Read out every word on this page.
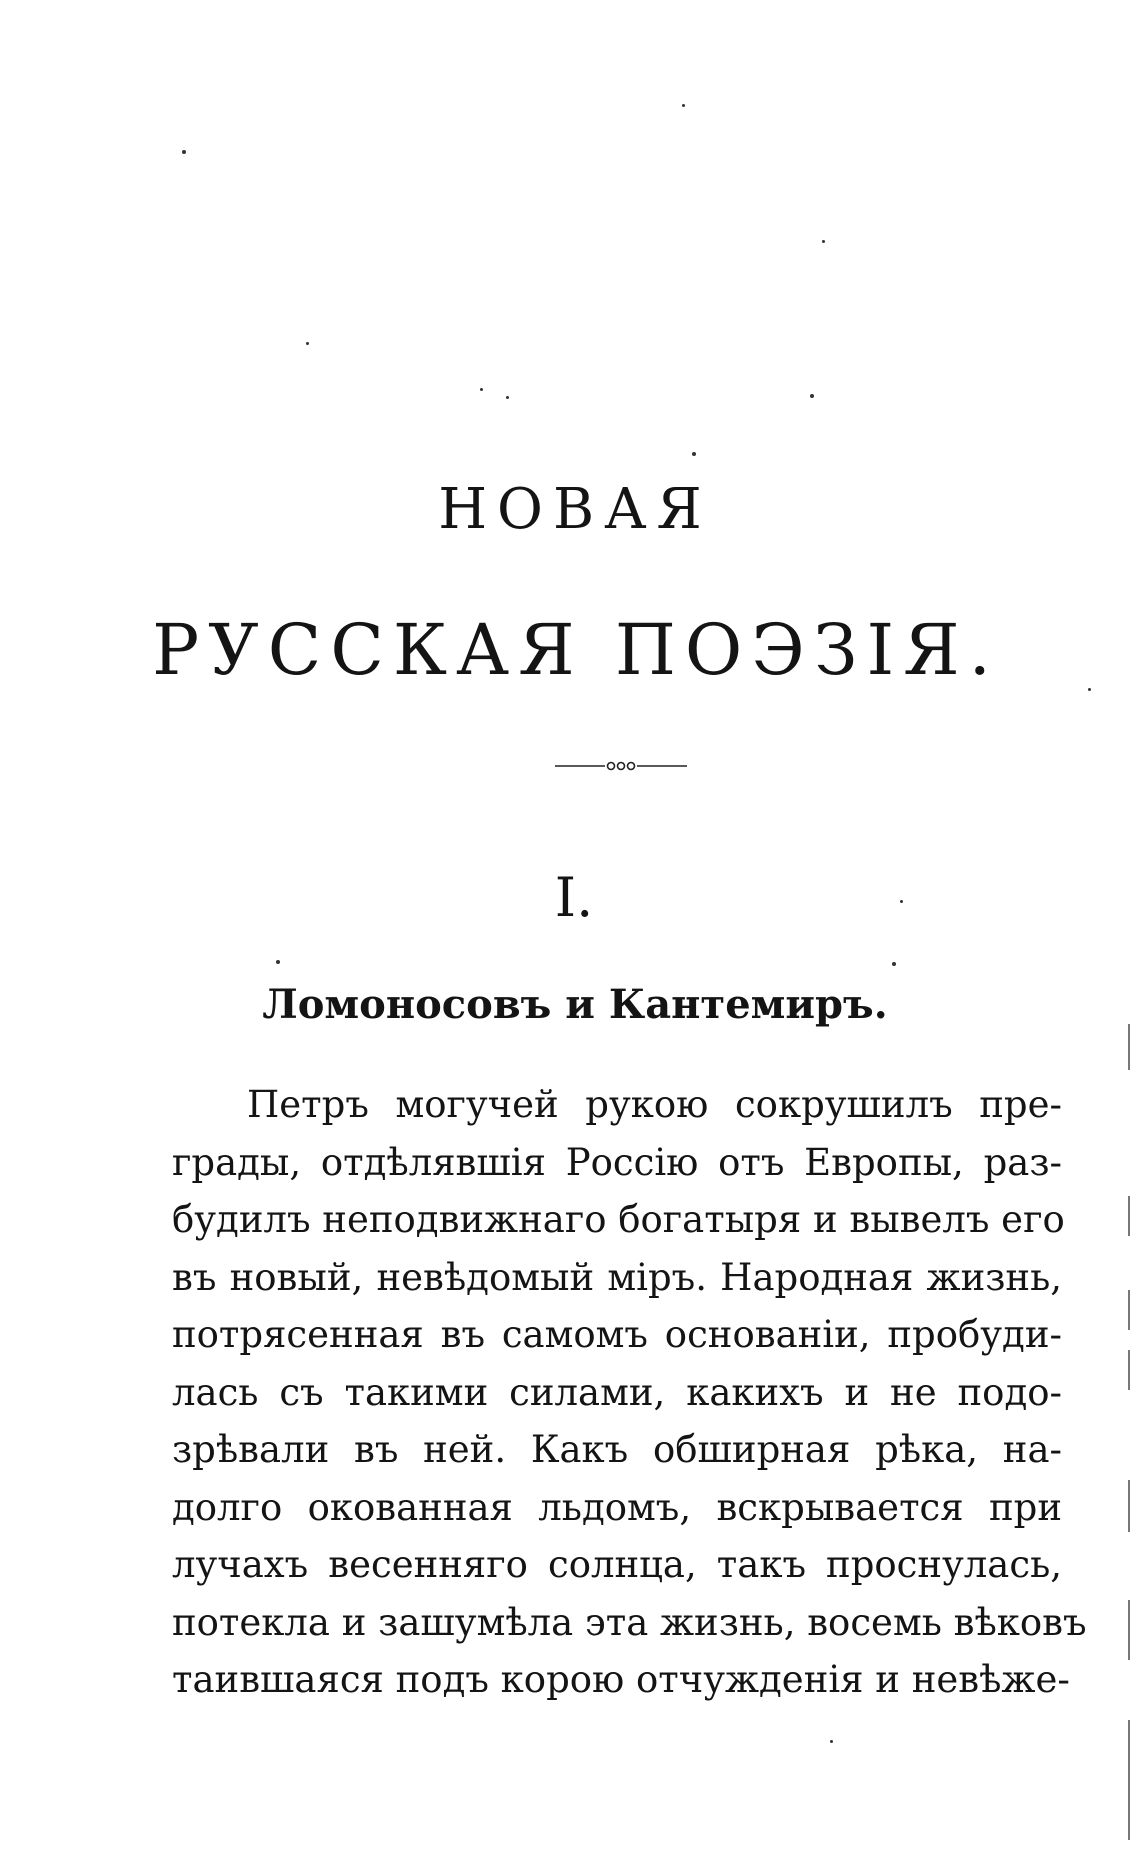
НОВАЯ
РУССКАЯ ПОЭЗІЯ.
I.
Ломоносовъ и Кантемиръ.
Петръ могучей рукою сокрушилъ пре-
грады, отдѣлявшія Россію отъ Европы, раз-
будилъ неподвижнаго богатыря и вывелъ его
въ новый, невѣдомый міръ. Народная жизнь,
потрясенная въ самомъ основаніи, пробуди-
лась съ такими силами, какихъ и не подо-
зрѣвали въ ней. Какъ обширная рѣка, на-
долго окованная льдомъ, вскрывается при
лучахъ весенняго солнца, такъ проснулась,
потекла и зашумѣла эта жизнь, восемь вѣковъ
таившаяся подъ корою отчужденія и невѣже-
